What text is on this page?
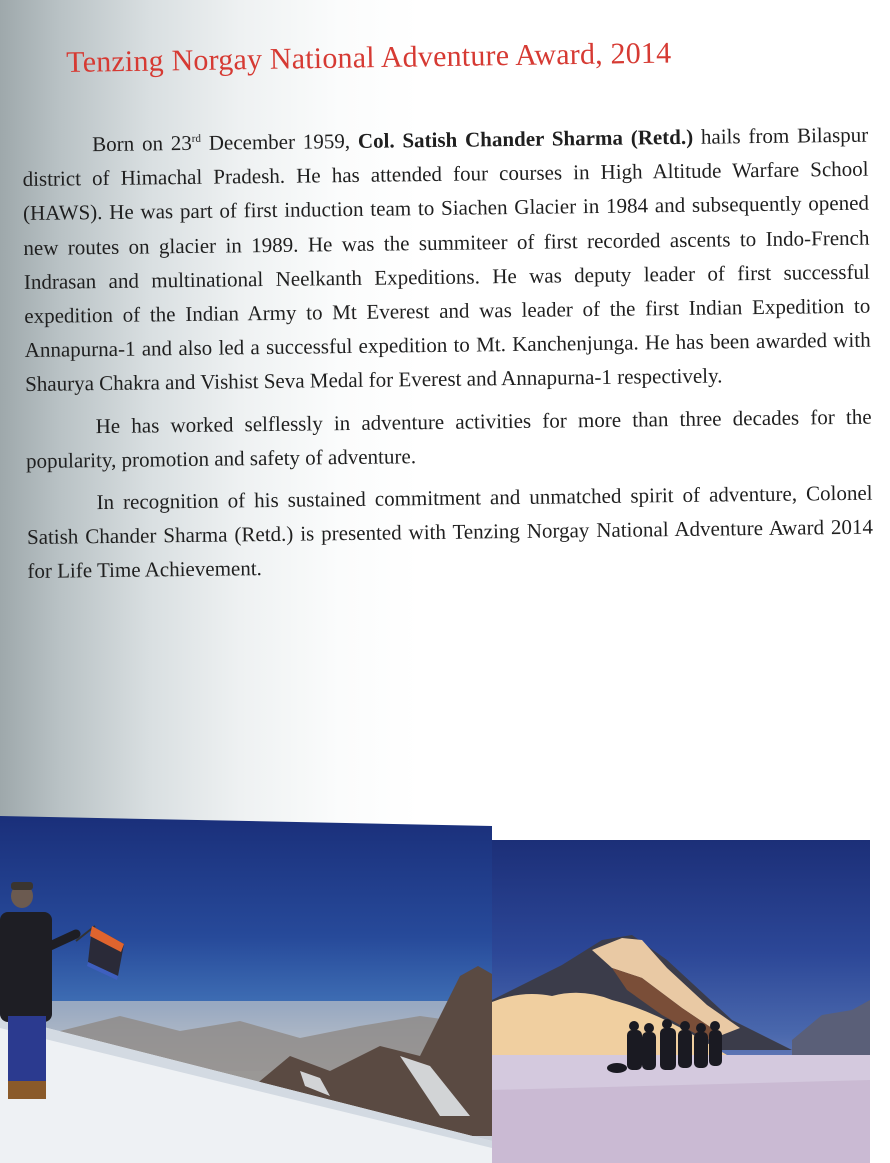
Tenzing Norgay National Adventure Award, 2014

Born on 23rd December 1959, Col. Satish Chander Sharma (Retd.) hails from Bilaspur district of Himachal Pradesh. He has attended four courses in High Altitude Warfare School (HAWS). He was part of first induction team to Siachen Glacier in 1984 and subsequently opened new routes on glacier in 1989. He was the summiteer of first recorded ascents to Indo-French Indrasan and multinational Neelkanth Expeditions. He was deputy leader of first successful expedition of the Indian Army to Mt Everest and was leader of the first Indian Expedition to Annapurna-1 and also led a successful expedition to Mt. Kanchenjunga. He has been awarded with Shaurya Chakra and Vishist Seva Medal for Everest and Annapurna-1 respectively.

He has worked selflessly in adventure activities for more than three decades for the popularity, promotion and safety of adventure.

In recognition of his sustained commitment and unmatched spirit of adventure, Colonel Satish Chander Sharma (Retd.) is presented with Tenzing Norgay National Adventure Award 2014 for Life Time Achievement.
